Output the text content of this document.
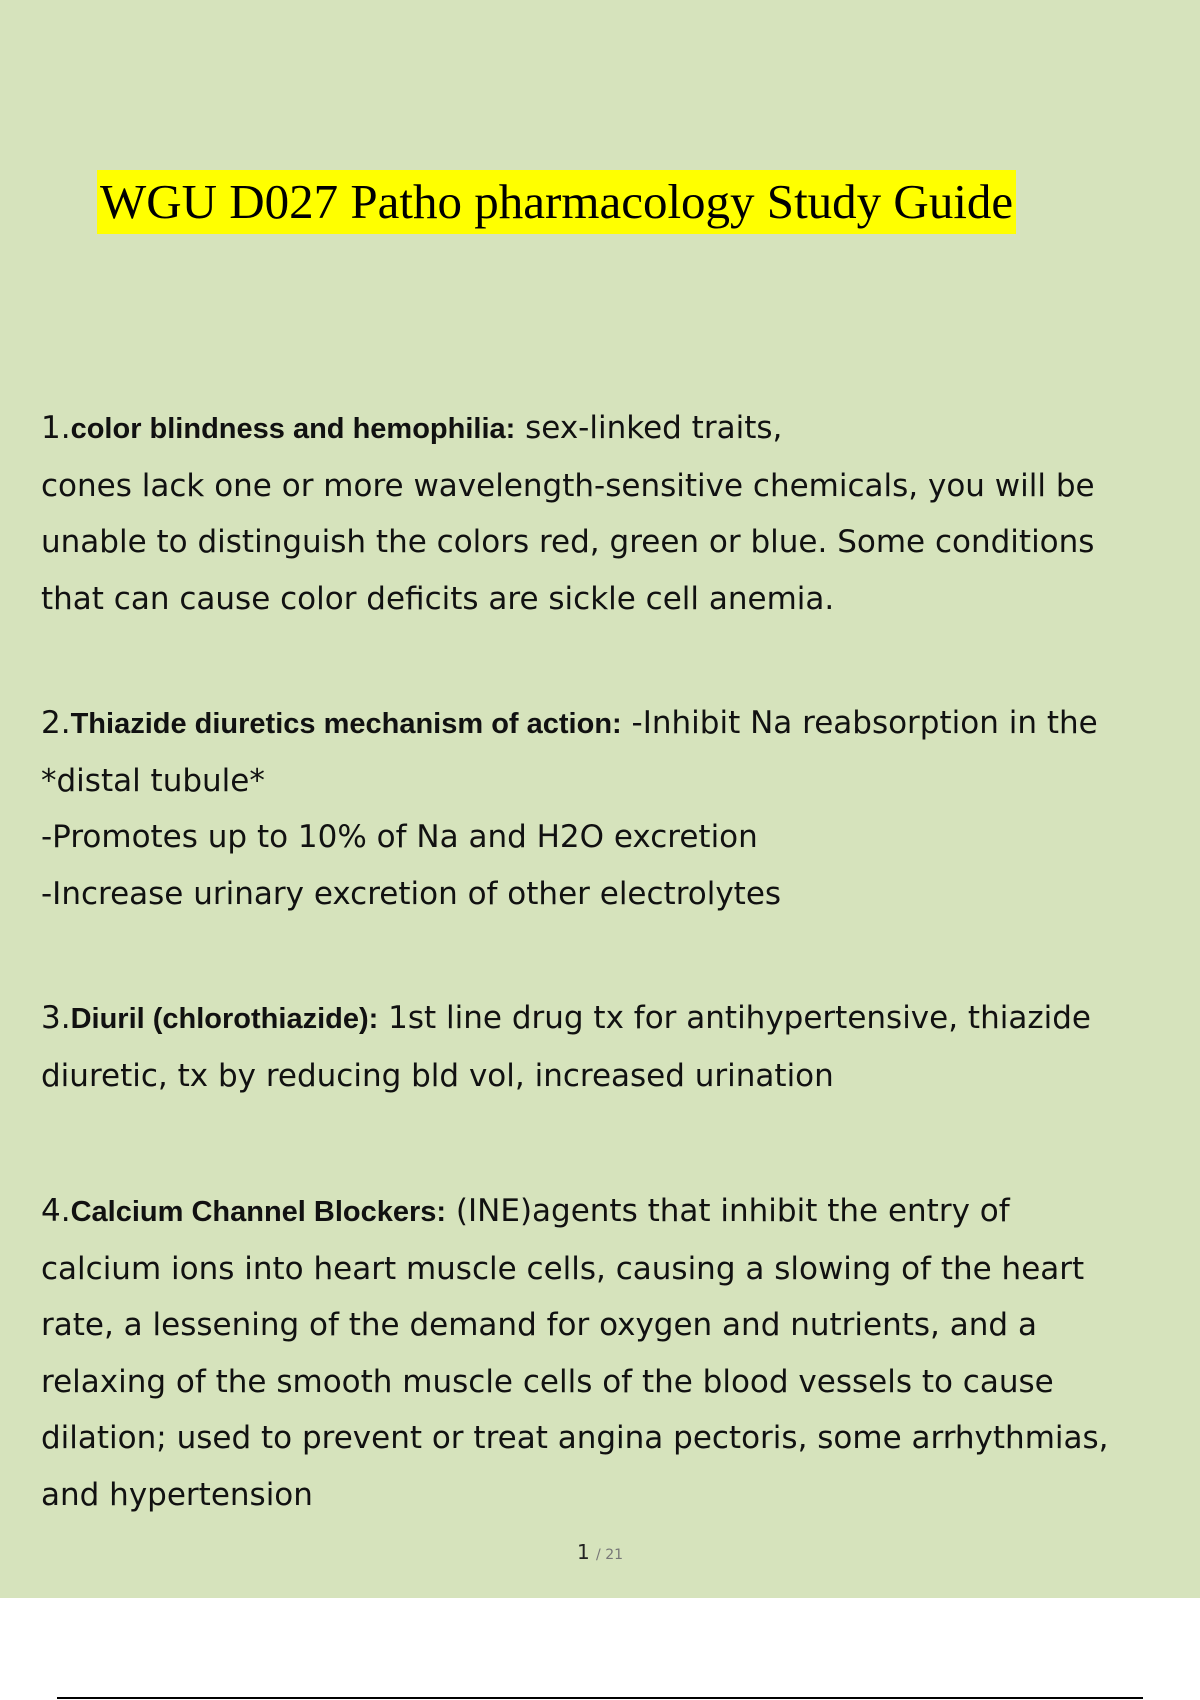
WGU D027 Patho pharmacology Study Guide
1.color blindness and hemophilia: sex-linked traits,
cones lack one or more wavelength-sensitive chemicals, you will be
unable to distinguish the colors red, green or blue. Some conditions
that can cause color deficits are sickle cell anemia.
2.Thiazide diuretics mechanism of action: -Inhibit Na reabsorption in the
*distal tubule*
-Promotes up to 10% of Na and H2O excretion
-Increase urinary excretion of other electrolytes
3.Diuril (chlorothiazide): 1st line drug tx for antihypertensive, thiazide
diuretic, tx by reducing bld vol, increased urination
4.Calcium Channel Blockers: (INE)agents that inhibit the entry of
calcium ions into heart muscle cells, causing a slowing of the heart
rate, a lessening of the demand for oxygen and nutrients, and a
relaxing of the smooth muscle cells of the blood vessels to cause
dilation; used to prevent or treat angina pectoris, some arrhythmias,
and hypertension
1 / 21
